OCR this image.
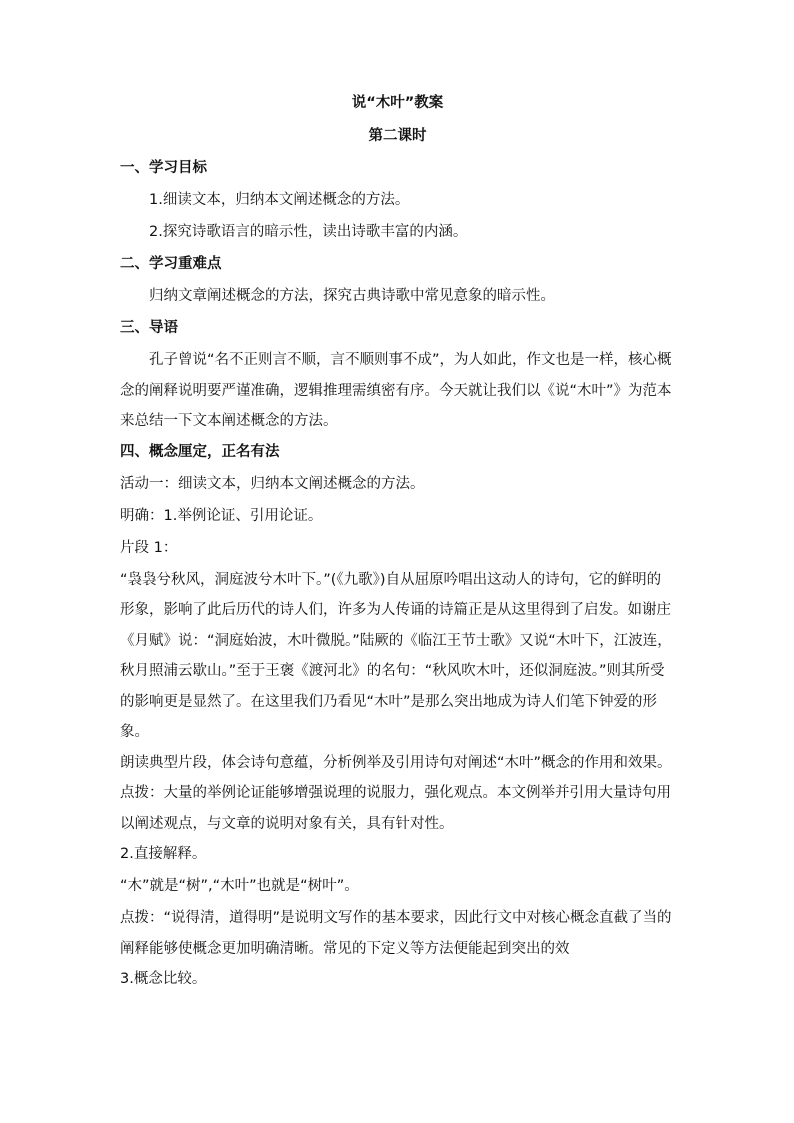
说“木叶”教案
第二课时
一、学习目标
1.细读文本，归纳本文阐述概念的方法。
2.探究诗歌语言的暗示性，读出诗歌丰富的内涵。
二、学习重难点
归纳文章阐述概念的方法，探究古典诗歌中常见意象的暗示性。
三、导语
孔子曾说“名不正则言不顺，言不顺则事不成”，为人如此，作文也是一样，核心概念的阐释说明要严谨准确，逻辑推理需缜密有序。今天就让我们以《说“木叶”》为范本来总结一下文本阐述概念的方法。
四、概念厘定，正名有法
活动一：细读文本，归纳本文阐述概念的方法。
明确：1.举例论证、引用论证。
片段 1：
“袅袅兮秋风，洞庭波兮木叶下。”(《九歌》)自从屈原吟唱出这动人的诗句，它的鲜明的形象，影响了此后历代的诗人们，许多为人传诵的诗篇正是从这里得到了启发。如谢庄《月赋》说：“洞庭始波，木叶微脱。”陆厥的《临江王节士歌》又说“木叶下，江波连，秋月照浦云歇山。”至于王褒《渡河北》的名句：“秋风吹木叶，还似洞庭波。”则其所受的影响更是显然了。在这里我们乃看见“木叶”是那么突出地成为诗人们笔下钟爱的形象。
朗读典型片段，体会诗句意蕴，分析例举及引用诗句对阐述“木叶”概念的作用和效果。
点拨：大量的举例论证能够增强说理的说服力，强化观点。本文例举并引用大量诗句用以阐述观点，与文章的说明对象有关，具有针对性。
2.直接解释。
“木”就是“树”,“木叶”也就是“树叶”。
点拨：“说得清，道得明”是说明文写作的基本要求，因此行文中对核心概念直截了当的阐释能够使概念更加明确清晰。常见的下定义等方法便能起到突出的效
3.概念比较。
